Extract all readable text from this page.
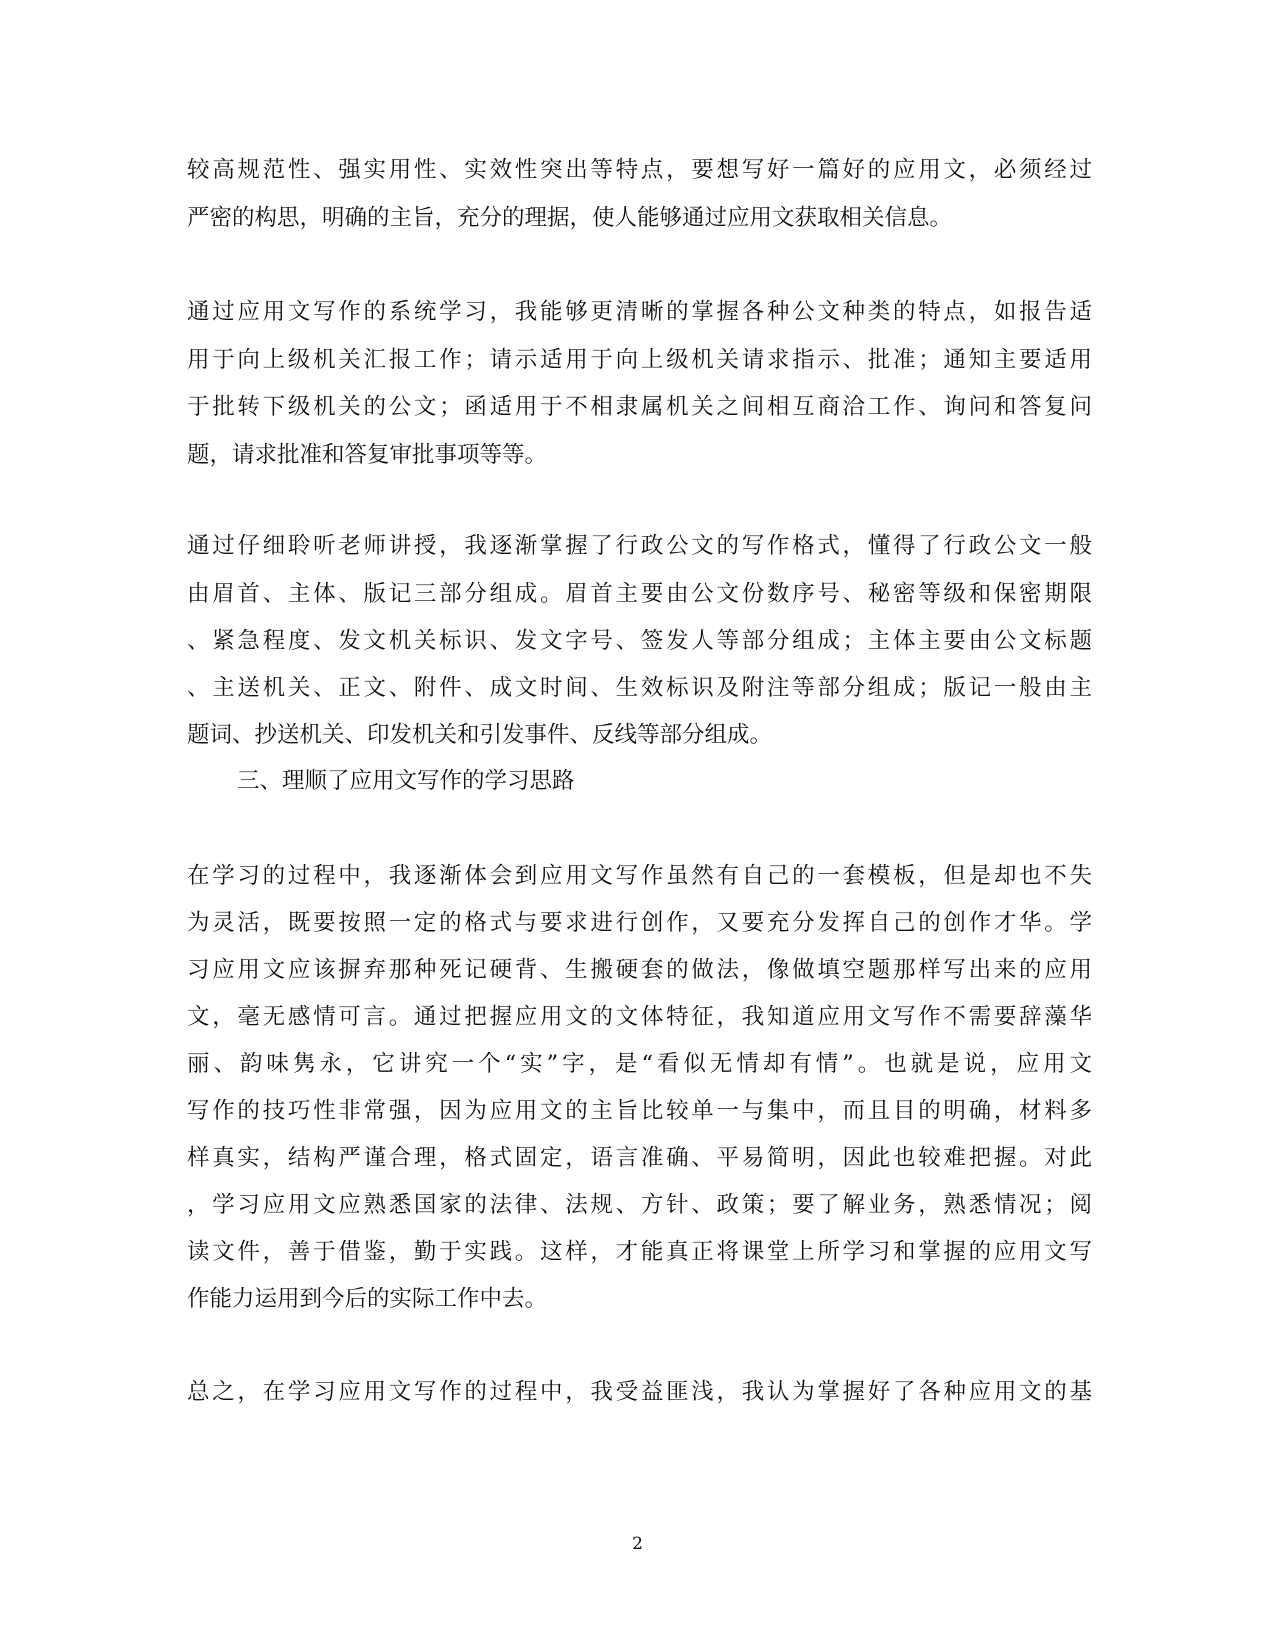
较高规范性、强实用性、实效性突出等特点，要想写好一篇好的应用文，必须经过
严密的构思，明确的主旨，充分的理据，使人能够通过应用文获取相关信息。
通过应用文写作的系统学习，我能够更清晰的掌握各种公文种类的特点，如报告适
用于向上级机关汇报工作；请示适用于向上级机关请求指示、批准；通知主要适用
于批转下级机关的公文；函适用于不相隶属机关之间相互商洽工作、询问和答复问
题，请求批准和答复审批事项等等。
通过仔细聆听老师讲授，我逐渐掌握了行政公文的写作格式，懂得了行政公文一般
由眉首、主体、版记三部分组成。眉首主要由公文份数序号、秘密等级和保密期限
、紧急程度、发文机关标识、发文字号、签发人等部分组成；主体主要由公文标题
、主送机关、正文、附件、成文时间、生效标识及附注等部分组成；版记一般由主
题词、抄送机关、印发机关和引发事件、反线等部分组成。
三、理顺了应用文写作的学习思路
在学习的过程中，我逐渐体会到应用文写作虽然有自己的一套模板，但是却也不失
为灵活，既要按照一定的格式与要求进行创作，又要充分发挥自己的创作才华。学
习应用文应该摒弃那种死记硬背、生搬硬套的做法，像做填空题那样写出来的应用
文，毫无感情可言。通过把握应用文的文体特征，我知道应用文写作不需要辞藻华
丽、韵味隽永，它讲究一个“实”字，是“看似无情却有情”。也就是说，应用文
写作的技巧性非常强，因为应用文的主旨比较单一与集中，而且目的明确，材料多
样真实，结构严谨合理，格式固定，语言准确、平易简明，因此也较难把握。对此
，学习应用文应熟悉国家的法律、法规、方针、政策；要了解业务，熟悉情况；阅
读文件，善于借鉴，勤于实践。这样，才能真正将课堂上所学习和掌握的应用文写
作能力运用到今后的实际工作中去。
总之，在学习应用文写作的过程中，我受益匪浅，我认为掌握好了各种应用文的基
2
